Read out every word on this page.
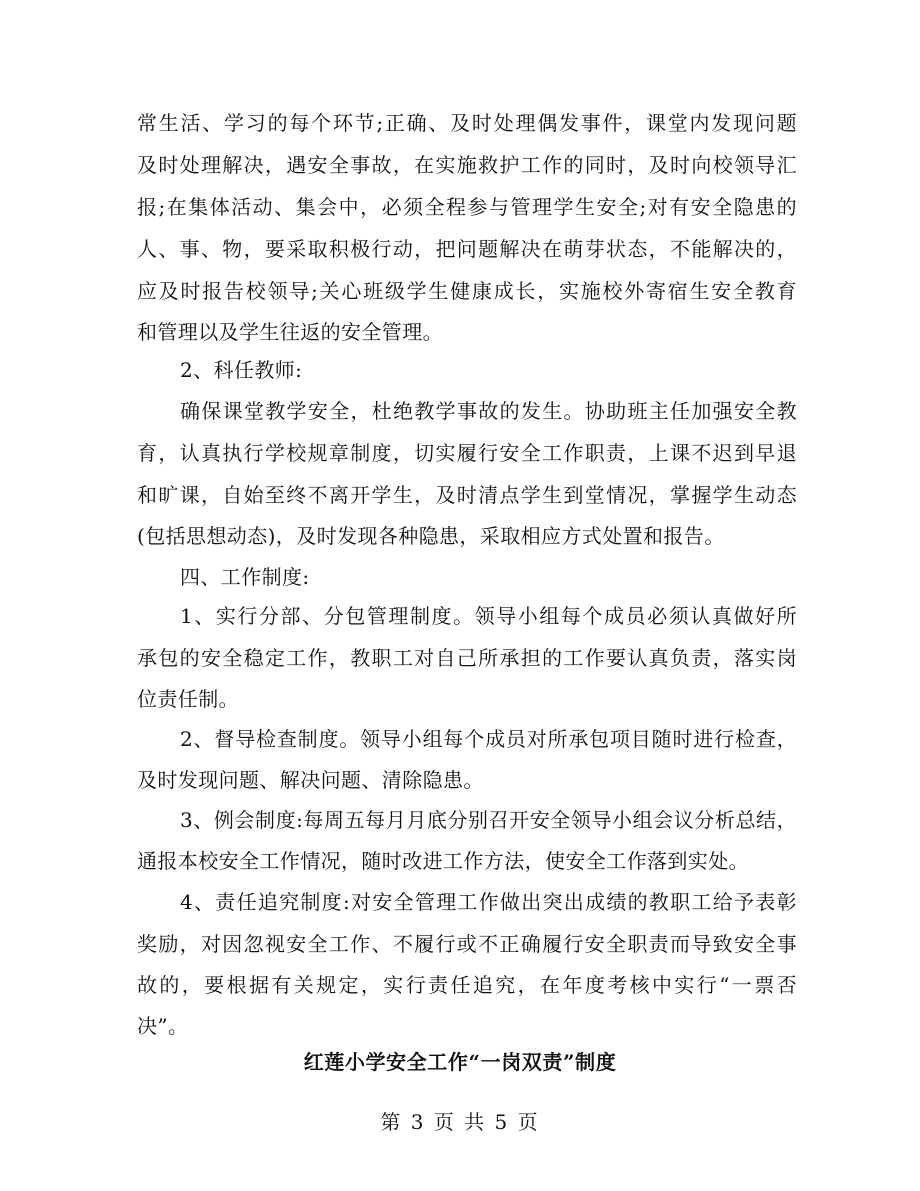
常生活、学习的每个环节;正确、及时处理偶发事件，课堂内发现问题
及时处理解决，遇安全事故，在实施救护工作的同时，及时向校领导汇
报;在集体活动、集会中，必须全程参与管理学生安全;对有安全隐患的
人、事、物，要采取积极行动，把问题解决在萌芽状态，不能解决的，
应及时报告校领导;关心班级学生健康成长，实施校外寄宿生安全教育
和管理以及学生往返的安全管理。
2、科任教师:
确保课堂教学安全，杜绝教学事故的发生。协助班主任加强安全教
育，认真执行学校规章制度，切实履行安全工作职责，上课不迟到早退
和旷课，自始至终不离开学生，及时清点学生到堂情况，掌握学生动态
(包括思想动态)，及时发现各种隐患，采取相应方式处置和报告。
四、工作制度:
1、实行分部、分包管理制度。领导小组每个成员必须认真做好所
承包的安全稳定工作，教职工对自己所承担的工作要认真负责，落实岗
位责任制。
2、督导检查制度。领导小组每个成员对所承包项目随时进行检查，
及时发现问题、解决问题、清除隐患。
3、例会制度:每周五每月月底分别召开安全领导小组会议分析总结，
通报本校安全工作情况，随时改进工作方法，使安全工作落到实处。
4、责任追究制度:对安全管理工作做出突出成绩的教职工给予表彰
奖励，对因忽视安全工作、不履行或不正确履行安全职责而导致安全事
故的，要根据有关规定，实行责任追究，在年度考核中实行“一票否
决”。
红莲小学安全工作“一岗双责”制度
第 3 页 共 5 页
